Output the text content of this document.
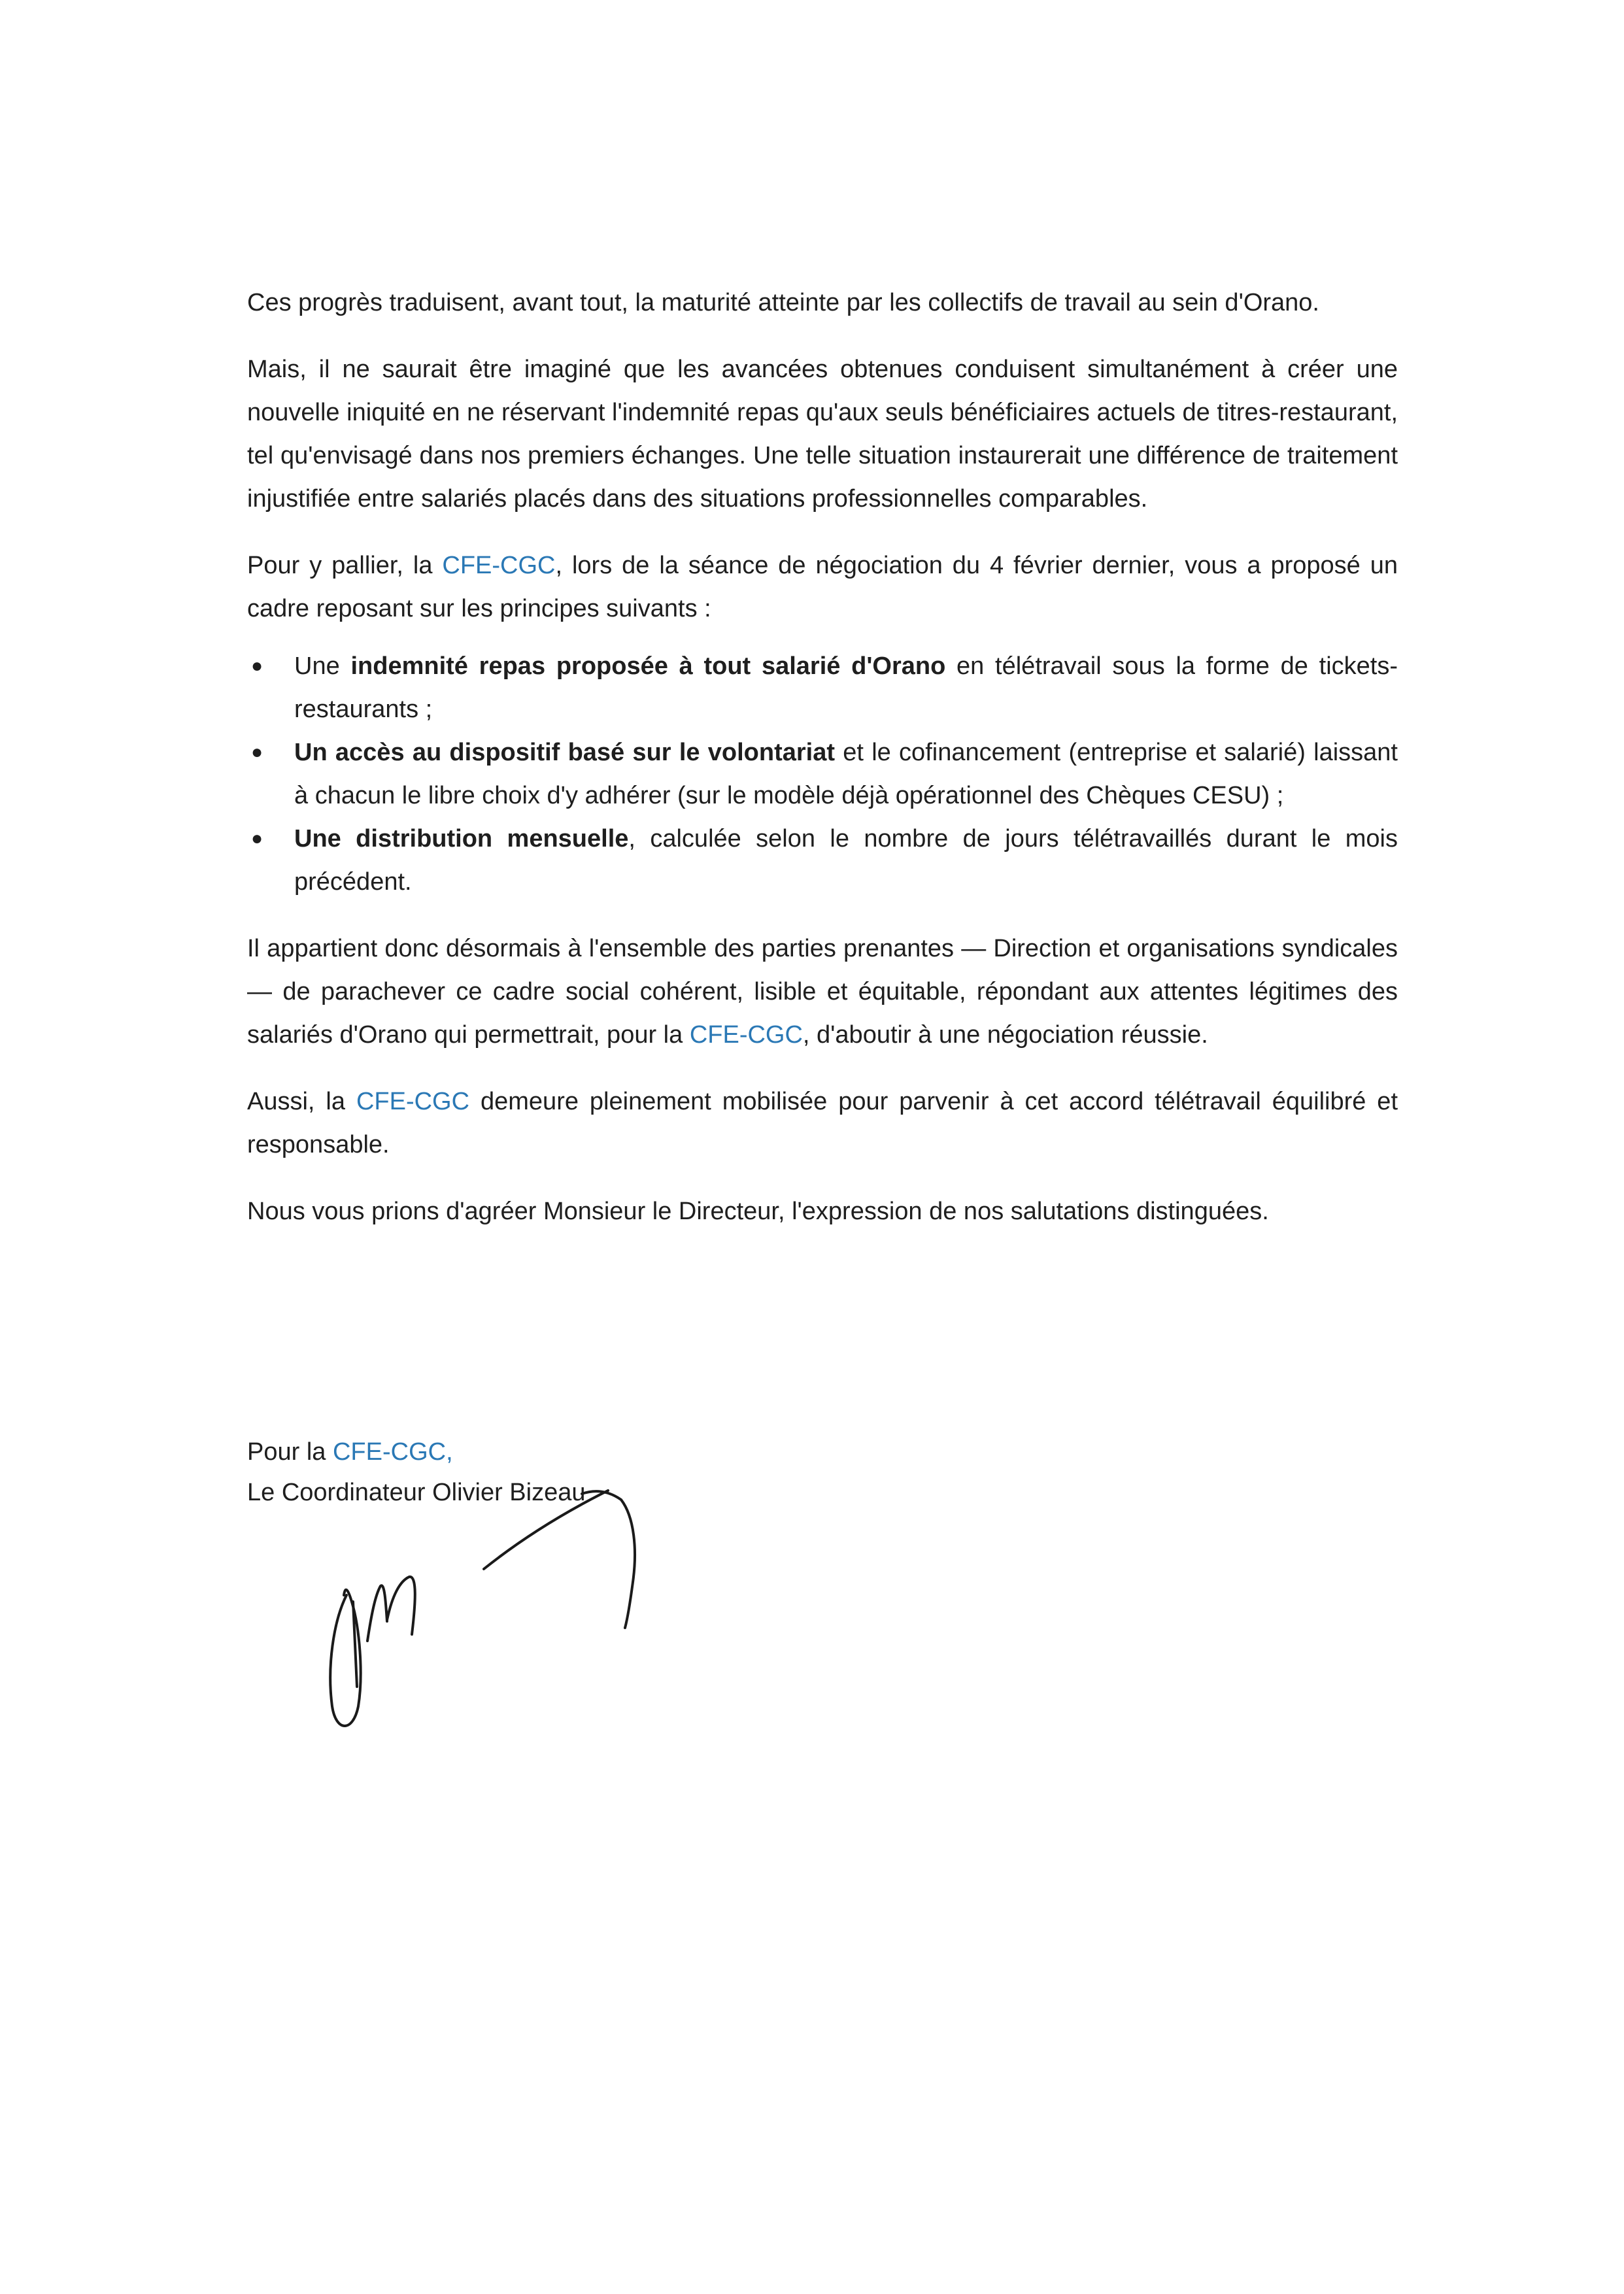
Ces progrès traduisent, avant tout, la maturité atteinte par les collectifs de travail au sein d'Orano.

Mais, il ne saurait être imaginé que les avancées obtenues conduisent simultanément à créer une nouvelle iniquité en ne réservant l'indemnité repas qu'aux seuls bénéficiaires actuels de titres-restaurant, tel qu'envisagé dans nos premiers échanges. Une telle situation instaurerait une différence de traitement injustifiée entre salariés placés dans des situations professionnelles comparables.

Pour y pallier, la CFE-CGC, lors de la séance de négociation du 4 février dernier, vous a proposé un cadre reposant sur les principes suivants :

● Une indemnité repas proposée à tout salarié d'Orano en télétravail sous la forme de tickets-restaurants ;
● Un accès au dispositif basé sur le volontariat et le cofinancement (entreprise et salarié) laissant à chacun le libre choix d'y adhérer (sur le modèle déjà opérationnel des Chèques CESU) ;
● Une distribution mensuelle, calculée selon le nombre de jours télétravaillés durant le mois précédent.

Il appartient donc désormais à l'ensemble des parties prenantes — Direction et organisations syndicales — de parachever ce cadre social cohérent, lisible et équitable, répondant aux attentes légitimes des salariés d'Orano qui permettrait, pour la CFE-CGC, d'aboutir à une négociation réussie.

Aussi, la CFE-CGC demeure pleinement mobilisée pour parvenir à cet accord télétravail équilibré et responsable.

Nous vous prions d'agréer Monsieur le Directeur, l'expression de nos salutations distinguées.

Pour la CFE-CGC,
Le Coordinateur Olivier Bizeau
